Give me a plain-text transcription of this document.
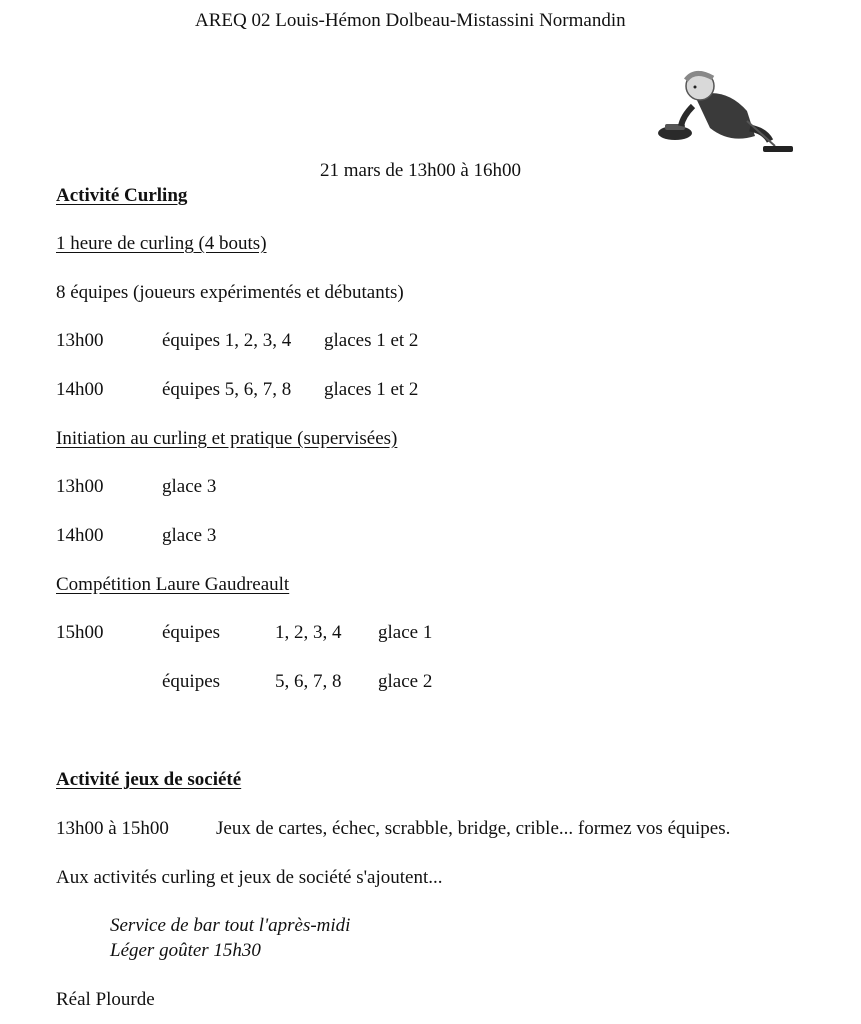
AREQ 02 Louis-Hémon Dolbeau-Mistassini Normandin
21 mars de 13h00 à 16h00
Activité Curling
1 heure de curling (4 bouts)
8 équipes (joueurs expérimentés et débutants)
13h00	équipes 1, 2, 3, 4 glaces 1 et 2
14h00	équipes 5, 6, 7, 8 glaces 1 et 2
Initiation au curling et pratique (supervisées)
13h00	glace 3
14h00	glace 3
Compétition Laure Gaudreault
15h00	équipes	1, 2, 3, 4 glace 1
équipes	5, 6, 7, 8 glace 2
Activité jeux de société
13h00 à 15h00 Jeux de cartes, échec, scrabble, bridge, crible... formez vos équipes.
Aux activités curling et jeux de société s'ajoutent...
Service de bar tout l'après-midi
Léger goûter 15h30
Réal Plourde
